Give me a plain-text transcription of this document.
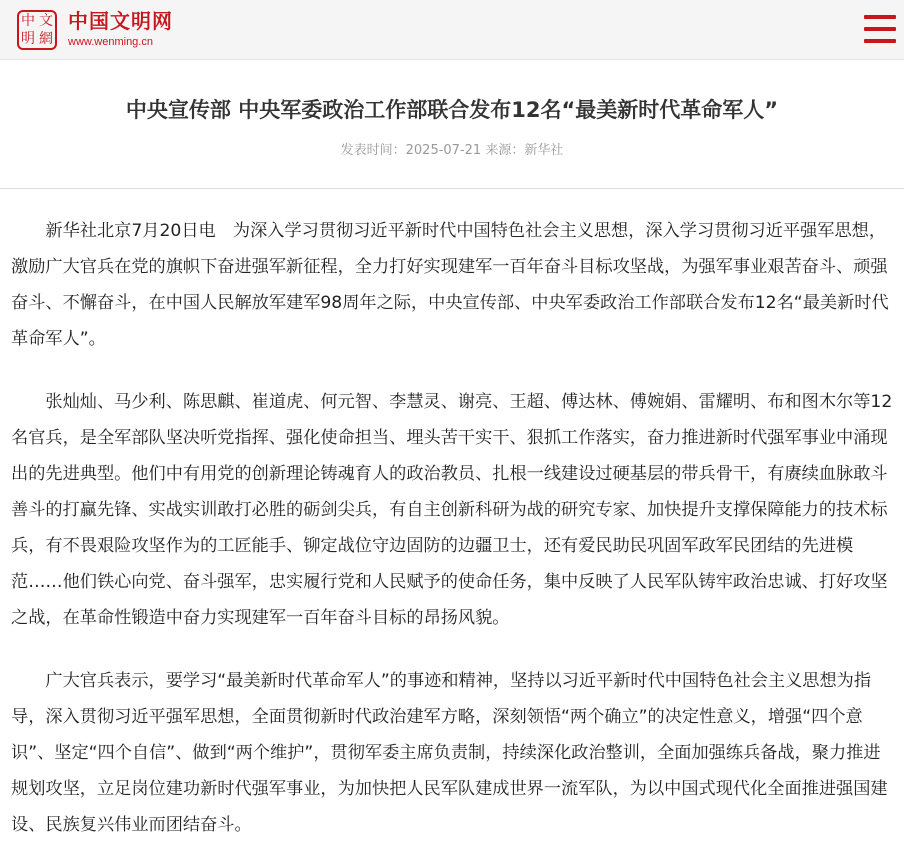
中 文
明 網
中国文明网
www.wenming.cn
中央宣传部 中央军委政治工作部联合发布12名“最美新时代革命军人”
发表时间：2025-07-21 来源：新华社

新华社北京7月20日电　为深入学习贯彻习近平新时代中国特色社会主义思想，深入学习贯彻习近平强军思想，激励广大官兵在党的旗帜下奋进强军新征程，全力打好实现建军一百年奋斗目标攻坚战，为强军事业艰苦奋斗、顽强奋斗、不懈奋斗，在中国人民解放军建军98周年之际，中央宣传部、中央军委政治工作部联合发布12名“最美新时代革命军人”。

张灿灿、马少利、陈思麒、崔道虎、何元智、李慧灵、谢亮、王超、傅达林、傅婉娟、雷耀明、布和图木尔等12名官兵，是全军部队坚决听党指挥、强化使命担当、埋头苦干实干、狠抓工作落实，奋力推进新时代强军事业中涌现出的先进典型。他们中有用党的创新理论铸魂育人的政治教员、扎根一线建设过硬基层的带兵骨干，有赓续血脉敢斗善斗的打赢先锋、实战实训敢打必胜的砺剑尖兵，有自主创新科研为战的研究专家、加快提升支撑保障能力的技术标兵，有不畏艰险攻坚作为的工匠能手、铆定战位守边固防的边疆卫士，还有爱民助民巩固军政军民团结的先进模范……他们铁心向党、奋斗强军，忠实履行党和人民赋予的使命任务，集中反映了人民军队铸牢政治忠诚、打好攻坚之战，在革命性锻造中奋力实现建军一百年奋斗目标的昂扬风貌。

广大官兵表示，要学习“最美新时代革命军人”的事迹和精神，坚持以习近平新时代中国特色社会主义思想为指导，深入贯彻习近平强军思想，全面贯彻新时代政治建军方略，深刻领悟“两个确立”的决定性意义，增强“四个意识”、坚定“四个自信”、做到“两个维护”，贯彻军委主席负责制，持续深化政治整训，全面加强练兵备战，聚力推进规划攻坚，立足岗位建功新时代强军事业，为加快把人民军队建成世界一流军队，为以中国式现代化全面推进强国建设、民族复兴伟业而团结奋斗。
